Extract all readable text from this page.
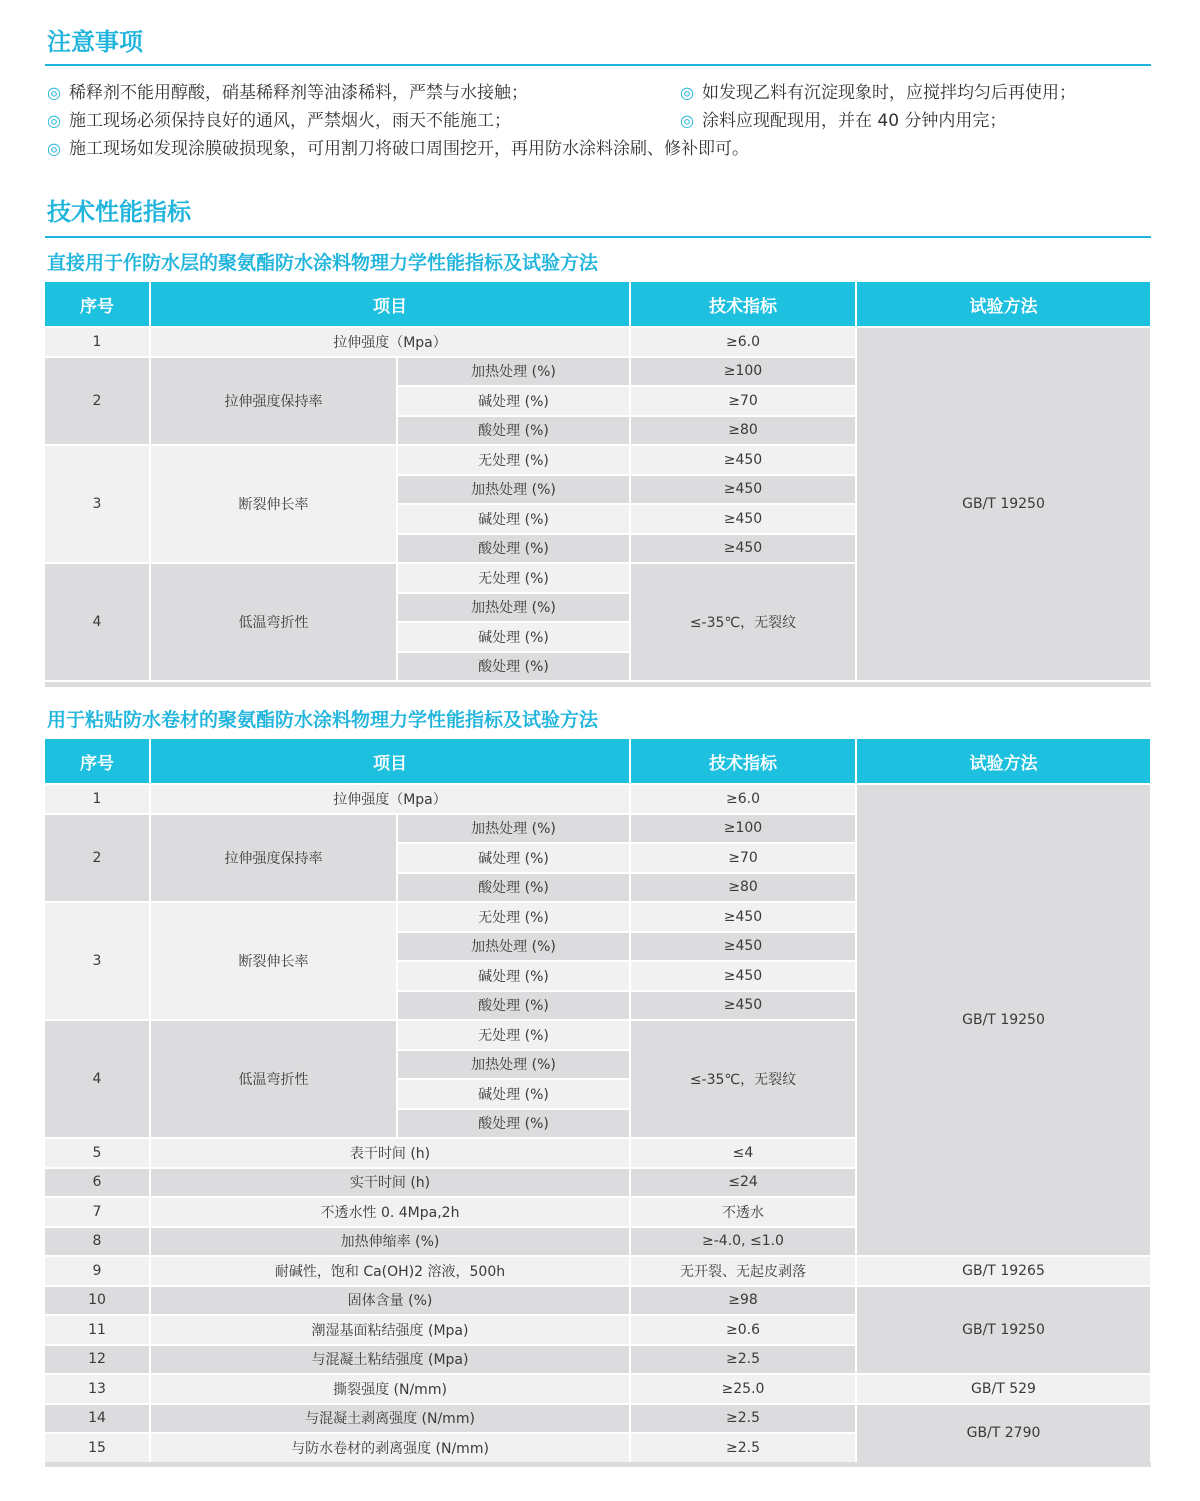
注意事项
◎ 稀释剂不能用醇酸，硝基稀释剂等油漆稀料，严禁与水接触；	◎ 如发现乙料有沉淀现象时，应搅拌均匀后再使用；
◎ 施工现场必须保持良好的通风，严禁烟火，雨天不能施工；	◎ 涂料应现配现用，并在 40 分钟内用完；
◎ 施工现场如发现涂膜破损现象，可用割刀将破口周围挖开，再用防水涂料涂刷、修补即可。
技术性能指标
直接用于作防水层的聚氨酯防水涂料物理力学性能指标及试验方法
序号	项目		技术指标	试验方法
1	拉伸强度（Mpa）		≥6.0	GB/T 19250
2	拉伸强度保持率	加热处理 (%)	≥100	
		碱处理 (%)	≥70	
		酸处理 (%)	≥80	
3	断裂伸长率	无处理 (%)	≥450	
		加热处理 (%)	≥450	
		碱处理 (%)	≥450	
		酸处理 (%)	≥450	
4	低温弯折性	无处理 (%)	≤-35℃，无裂纹	
		加热处理 (%)		
		碱处理 (%)		
		酸处理 (%)		
用于粘贴防水卷材的聚氨酯防水涂料物理力学性能指标及试验方法
序号	项目		技术指标	试验方法
1	拉伸强度（Mpa）		≥6.0	GB/T 19250
2	拉伸强度保持率	加热处理 (%)	≥100	
		碱处理 (%)	≥70	
		酸处理 (%)	≥80	
3	断裂伸长率	无处理 (%)	≥450	
		加热处理 (%)	≥450	
		碱处理 (%)	≥450	
		酸处理 (%)	≥450	
4	低温弯折性	无处理 (%)	≤-35℃，无裂纹	
		加热处理 (%)		
		碱处理 (%)		
		酸处理 (%)		
5	表干时间 (h)		≤4	
6	实干时间 (h)		≤24	
7	不透水性 0. 4Mpa,2h		不透水	
8	加热伸缩率 (%)		≥-4.0, ≤1.0	
9	耐碱性，饱和 Ca(OH)2 溶液，500h		无开裂、无起皮剥落	GB/T 19265
10	固体含量 (%)		≥98	GB/T 19250
11	潮湿基面粘结强度 (Mpa)		≥0.6	
12	与混凝土粘结强度 (Mpa)		≥2.5	
13	撕裂强度 (N/mm)		≥25.0	GB/T 529
14	与混凝土剥离强度 (N/mm)		≥2.5	GB/T 2790
15	与防水卷材的剥离强度 (N/mm)		≥2.5	
